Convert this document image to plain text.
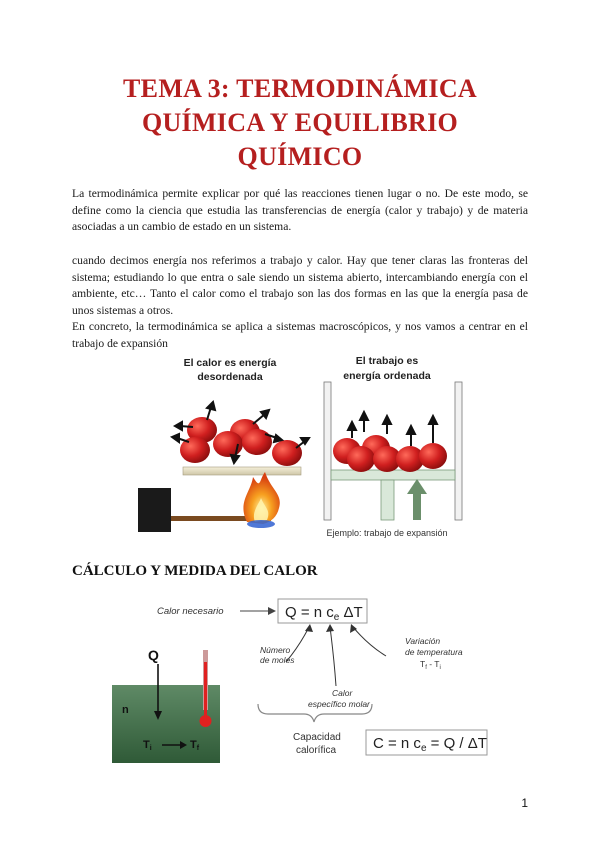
TEMA 3: TERMODINÁMICA
QUÍMICA Y EQUILIBRIO
QUÍMICO
La termodinámica permite explicar por qué las reacciones tienen lugar o no. De este modo, se define como la ciencia que estudia las transferencias de energía (calor y trabajo) y de materia asociadas a un cambio de estado en un sistema.
cuando decimos energía nos referimos a trabajo y calor. Hay que tener claras las fronteras del sistema; estudiando lo que entra o sale siendo un sistema abierto, intercambiando energía con el ambiente, etc… Tanto el calor como el trabajo son las dos formas en las que la energía pasa de unos sistemas a otros.
En concreto, la termodinámica se aplica a sistemas macroscópicos, y nos vamos a centrar en el trabajo de expansión
El calor es energía
desordenada
El trabajo es
energía ordenada
Ejemplo: trabajo de expansión
CÁLCULO Y MEDIDA DEL CALOR
Calor necesario	Q = n $c_e$ ΔT
Número
de moles
Calor
específico molar
Variación
de temperatura
$T_f - T_i$
Q
n
Ti	Tf
Capacidad
calorífica C = n $c_e = Q / \Delta T$
1
